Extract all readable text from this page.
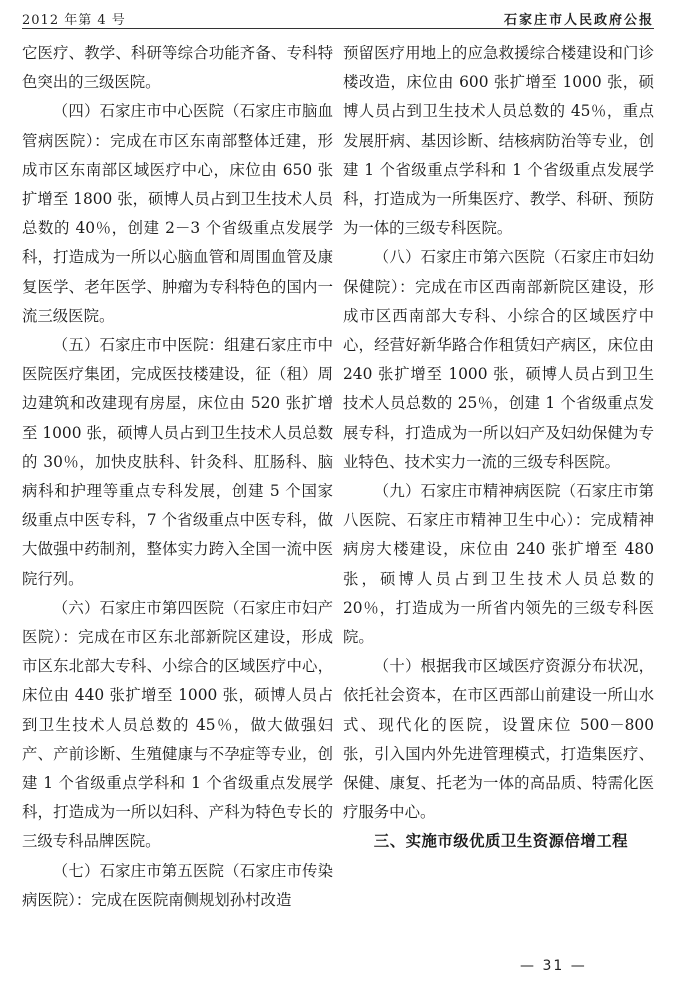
2012 年第 4 号	石家庄市人民政府公报

它医疗、教学、科研等综合功能齐备、专科特色突出的三级医院。

（四）石家庄市中心医院（石家庄市脑血管病医院）：完成在市区东南部整体迁建，形成市区东南部区域医疗中心，床位由 650 张扩增至 1800 张，硕博人员占到卫生技术人员总数的 40％，创建 2－3 个省级重点发展学科，打造成为一所以心脑血管和周围血管及康复医学、老年医学、肿瘤为专科特色的国内一流三级医院。

（五）石家庄市中医院：组建石家庄市中医院医疗集团，完成医技楼建设，征（租）周边建筑和改建现有房屋，床位由 520 张扩增至 1000 张，硕博人员占到卫生技术人员总数的 30％，加快皮肤科、针灸科、肛肠科、脑病科和护理等重点专科发展，创建 5 个国家级重点中医专科，7 个省级重点中医专科，做大做强中药制剂，整体实力跨入全国一流中医院行列。

（六）石家庄市第四医院（石家庄市妇产医院）：完成在市区东北部新院区建设，形成市区东北部大专科、小综合的区域医疗中心，床位由 440 张扩增至 1000 张，硕博人员占到卫生技术人员总数的 45％，做大做强妇产、产前诊断、生殖健康与不孕症等专业，创建 1 个省级重点学科和 1 个省级重点发展学科，打造成为一所以妇科、产科为特色专长的三级专科品牌医院。

（七）石家庄市第五医院（石家庄市传染病医院）：完成在医院南侧规划孙村改造

预留医疗用地上的应急救援综合楼建设和门诊楼改造，床位由 600 张扩增至 1000 张，硕博人员占到卫生技术人员总数的 45％，重点发展肝病、基因诊断、结核病防治等专业，创建 1 个省级重点学科和 1 个省级重点发展学科，打造成为一所集医疗、教学、科研、预防为一体的三级专科医院。

（八）石家庄市第六医院（石家庄市妇幼保健院）：完成在市区西南部新院区建设，形成市区西南部大专科、小综合的区域医疗中心，经营好新华路合作租赁妇产病区，床位由 240 张扩增至 1000 张，硕博人员占到卫生技术人员总数的 25％，创建 1 个省级重点发展专科，打造成为一所以妇产及妇幼保健为专业特色、技术实力一流的三级专科医院。

（九）石家庄市精神病医院（石家庄市第八医院、石家庄市精神卫生中心）：完成精神病房大楼建设，床位由 240 张扩增至 480 张，硕博人员占到卫生技术人员总数的 20％，打造成为一所省内领先的三级专科医院。

（十）根据我市区域医疗资源分布状况，依托社会资本，在市区西部山前建设一所山水式、现代化的医院，设置床位 500－800 张，引入国内外先进管理模式，打造集医疗、保健、康复、托老为一体的高品质、特需化医疗服务中心。

三、实施市级优质卫生资源倍增工程

— 31 —
